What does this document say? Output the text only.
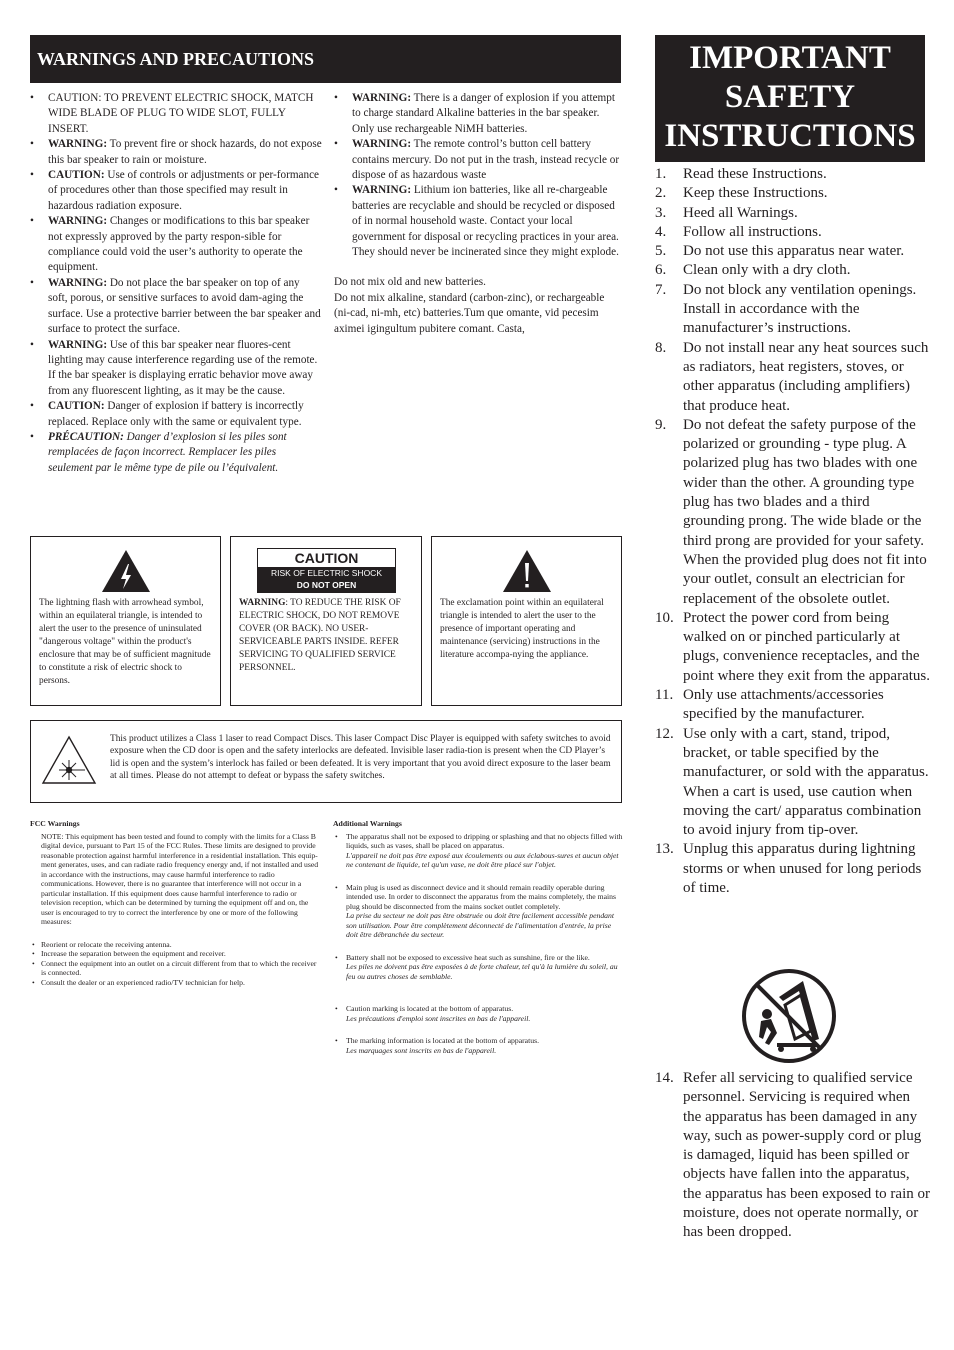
WARNINGS AND PRECAUTIONS
• CAUTION: TO PREVENT ELECTRIC SHOCK, MATCH WIDE BLADE OF PLUG TO WIDE SLOT, FULLY INSERT.
• WARNING: To prevent fire or shock hazards, do not expose this bar speaker to rain or moisture.
• CAUTION: Use of controls or adjustments or per-formance of procedures other than those specified may result in hazardous radiation exposure.
• WARNING: Changes or modifications to this bar speaker not expressly approved by the party respon-sible for compliance could void the user’s authority to operate the equipment.
• WARNING: Do not place the bar speaker on top of any soft, porous, or sensitive surfaces to avoid dam-aging the surface. Use a protective barrier between the bar speaker and surface to protect the surface.
• WARNING: Use of this bar speaker near fluores-cent lighting may cause interference regarding use of the remote. If the bar speaker is displaying erratic behavior move away from any fluorescent lighting, as it may be the cause.
• CAUTION: Danger of explosion if battery is incorrectly replaced. Replace only with the same or equivalent type.
• PRÉCAUTION: Danger d’explosion si les piles sont remplacées de façon incorrect. Remplacer les piles seulement par le même type de pile ou l’équivalent.
• WARNING: There is a danger of explosion if you attempt to charge standard Alkaline batteries in the bar speaker. Only use rechargeable NiMH batteries.
• WARNING: The remote control’s button cell battery contains mercury. Do not put in the trash, instead recycle or dispose of as hazardous waste
• WARNING: Lithium ion batteries, like all re-chargeable batteries are recyclable and should be recycled or disposed of in normal household waste. Contact your local government for disposal or recycling practices in your area. They should never be incinerated since they might explode.

Do not mix old and new batteries.

Do not mix alkaline, standard (carbon-zinc), or rechargeable (ni-cad, ni-mh, etc) batteries.Tum que omante, vid pecesim aximei igingultum pubitere comant. Casta,

The lightning flash with arrowhead symbol, within an equilateral triangle, is intended to alert the user to the presence of uninsulated "dangerous voltage" within the product's enclosure that may be of sufficient magnitude to constitute a risk of electric shock to persons.
CAUTION
RISK OF ELECTRIC SHOCK
DO NOT OPEN
WARNING: TO REDUCE THE RISK OF ELECTRIC SHOCK, DO NOT REMOVE COVER (OR BACK). NO USER-SERVICEABLE PARTS INSIDE. REFER SERVICING TO QUALIFIED SERVICE PERSONNEL.
The exclamation point within an equilateral triangle is intended to alert the user to the presence of important operating and maintenance (servicing) instructions in the literature accompa-nying the appliance.
This product utilizes a Class 1 laser to read Compact Discs. This laser Compact Disc Player is equipped with safety switches to avoid exposure when the CD door is open and the safety interlocks are defeated. Invisible laser radia-tion is present when the CD Player’s lid is open and the system’s interlock has failed or been defeated. It is very important that you avoid direct exposure to the laser beam at all times. Please do not attempt to defeat or bypass the safety switches.
FCC Warnings
NOTE: This equipment has been tested and found to comply with the limits for a Class B digital device, pursuant to Part 15 of the FCC Rules. These limits are designed to provide reasonable protection against harmful interference in a residential installation. This equip-ment generates, uses, and can radiate radio frequency energy and, if not installed and used in accordance with the instructions, may cause harmful interference to radio communications. However, there is no guarantee that interference will not occur in a particular installation. If this equipment does cause harmful interference to radio or television reception, which can be determined by turning the equipment off and on, the user is encouraged to try to correct the interference by one or more of the following measures:
• Reorient or relocate the receiving antenna.
• Increase the separation between the equipment and receiver.
• Connect the equipment into an outlet on a circuit different from that to which the receiver is connected.
• Consult the dealer or an experienced radio/TV technician for help.
Additional Warnings
• The apparatus shall not be exposed to dripping or splashing and that no objects filled with liquids, such as vases, shall be placed on apparatus.
L'appareil ne doit pas être exposé aux écoulements ou aux éclabous-sures et aucun objet ne contenant de liquide, tel qu'un vase, ne doit être placé sur l'objet.
• Main plug is used as disconnect device and it should remain readily operable during intended use. In order to disconnect the apparatus from the mains completely, the mains plug should be disconnected from the mains socket outlet completely.
La prise du secteur ne doit pas être obstruée ou doit être facilement accessible pendant son utilisation. Pour être complètement déconnecté de l'alimentation d'entrée, la prise doit être débranchée du secteur.
• Battery shall not be exposed to excessive heat such as sunshine, fire or the like.
Les piles ne doivent pas être exposées à de forte chaleur, tel qu'à la lumière du soleil, au feu ou autres choses de semblable.
• Caution marking is located at the bottom of apparatus.
Les précautions d'emploi sont inscrites en bas de l'appareil.
• The marking information is located at the bottom of apparatus.
Les marquages sont inscrits en bas de l'appareil.
IMPORTANT SAFETY INSTRUCTIONS
1.	Read these Instructions.
2.	Keep these Instructions.
3.	Heed all Warnings.
4.	Follow all instructions.
5.	Do not use this apparatus near water.
6.	Clean only with a dry cloth.
7.	Do not block any ventilation openings. Install in accordance with the manufacturer’s instructions.
8.	Do not install near any heat sources such as radiators, heat registers, stoves, or other apparatus (including amplifiers) that produce heat.
9.	Do not defeat the safety purpose of the polarized or grounding - type plug. A polarized plug has two blades with one wider than the other. A grounding type plug has two blades and a third grounding prong. The wide blade or the third prong are provided for your safety. When the provided plug does not fit into your outlet, consult an electrician for replacement of the obsolete outlet.
10. Protect the power cord from being walked on or pinched particularly at plugs, convenience receptacles, and the point where they exit from the apparatus.
11. Only use attachments/accessories specified by the manufacturer.
12. Use only with a cart, stand, tripod, bracket, or table specified by the manufacturer, or sold with the apparatus. When a cart is used, use caution when moving the cart/ apparatus combination to avoid injury from tip-over.
13. Unplug this apparatus during lightning storms or when unused for long periods of time.
14. Refer all servicing to qualified service personnel. Servicing is required when the apparatus has been damaged in any way, such as power-supply cord or plug is damaged, liquid has been spilled or objects have fallen into the apparatus, the apparatus has been exposed to rain or moisture, does not operate normally, or has been dropped.
